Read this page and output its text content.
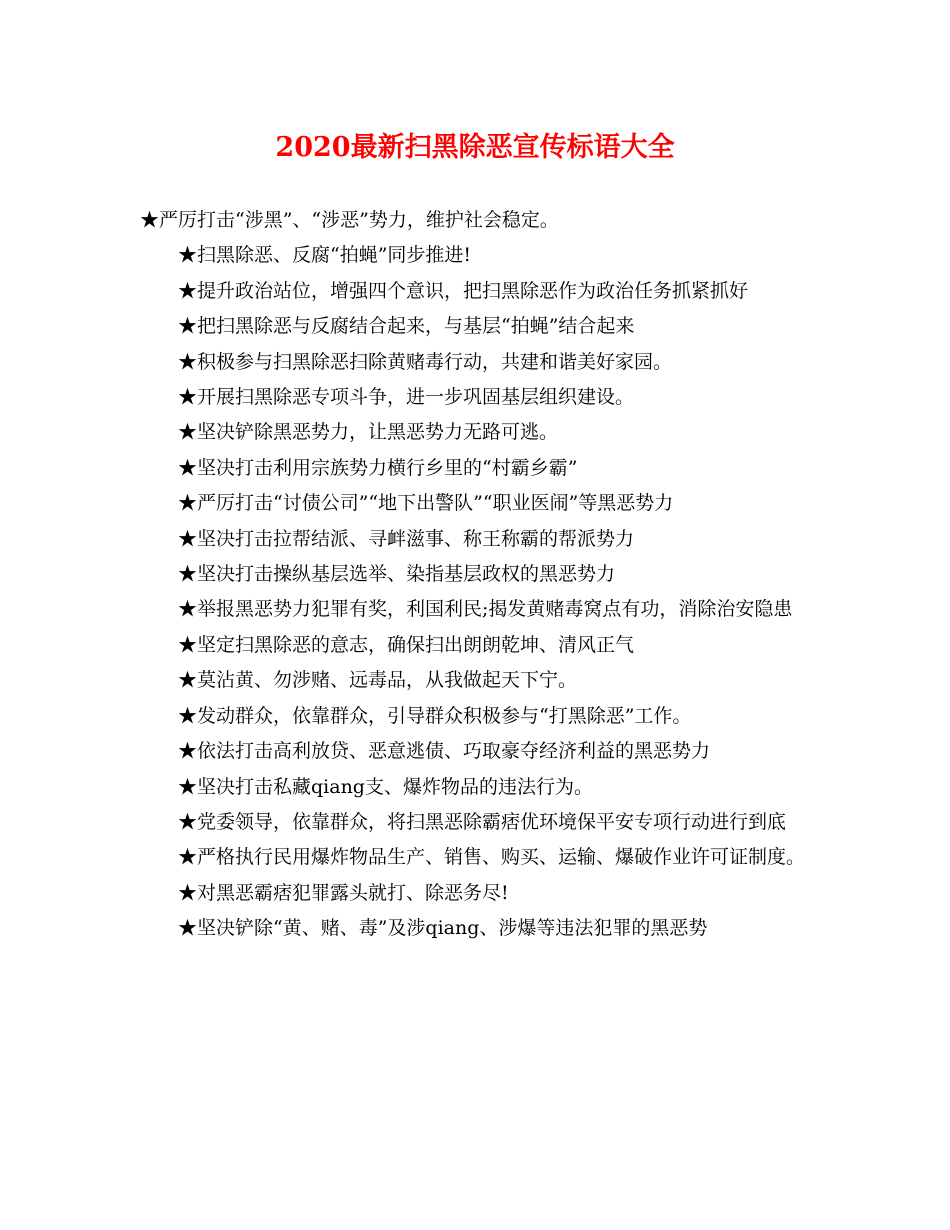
2020最新扫黑除恶宣传标语大全

★严厉打击“涉黑”、“涉恶”势力，维护社会稳定。

★扫黑除恶、反腐“拍蝇”同步推进!

★提升政治站位，增强四个意识，把扫黑除恶作为政治任务抓紧抓好

★把扫黑除恶与反腐结合起来，与基层“拍蝇”结合起来

★积极参与扫黑除恶扫除黄赌毒行动，共建和谐美好家园。

★开展扫黑除恶专项斗争，进一步巩固基层组织建设。

★坚决铲除黑恶势力，让黑恶势力无路可逃。

★坚决打击利用宗族势力横行乡里的“村霸乡霸”

★严厉打击“讨债公司”“地下出警队”“职业医闹”等黑恶势力

★坚决打击拉帮结派、寻衅滋事、称王称霸的帮派势力

★坚决打击操纵基层选举、染指基层政权的黑恶势力

★举报黑恶势力犯罪有奖，利国利民;揭发黄赌毒窝点有功，消除治安隐患

★坚定扫黑除恶的意志，确保扫出朗朗乾坤、清风正气

★莫沾黄、勿涉赌、远毒品，从我做起天下宁。

★发动群众，依靠群众，引导群众积极参与“打黑除恶”工作。

★依法打击高利放贷、恶意逃债、巧取豪夺经济利益的黑恶势力

★坚决打击私藏qiang支、爆炸物品的违法行为。

★党委领导，依靠群众，将扫黑恶除霸痞优环境保平安专项行动进行到底

★严格执行民用爆炸物品生产、销售、购买、运输、爆破作业许可证制度。

★对黑恶霸痞犯罪露头就打、除恶务尽!

★坚决铲除“黄、赌、毒”及涉qiang、涉爆等违法犯罪的黑恶势
